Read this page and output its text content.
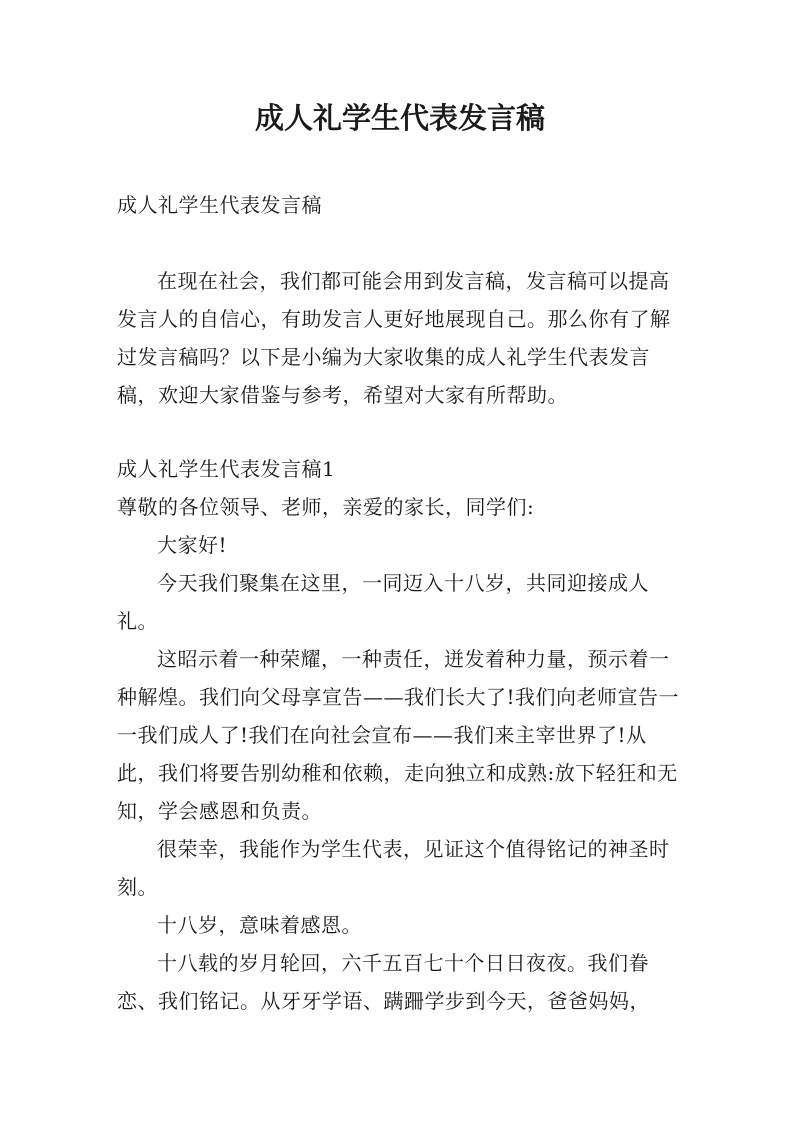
成人礼学生代表发言稿

成人礼学生代表发言稿

在现在社会，我们都可能会用到发言稿，发言稿可以提高发言人的自信心，有助发言人更好地展现自己。那么你有了解过发言稿吗？以下是小编为大家收集的成人礼学生代表发言稿，欢迎大家借鉴与参考，希望对大家有所帮助。

成人礼学生代表发言稿1

尊敬的各位领导、老师，亲爱的家长，同学们:

大家好!

今天我们聚集在这里，一同迈入十八岁，共同迎接成人礼。

这昭示着一种荣耀，一种责任，迸发着种力量，预示着一种解煌。我们向父母享宣告——我们长大了!我们向老师宣告一一我们成人了!我们在向社会宣布——我们来主宰世界了!从此，我们将要告别幼稚和依赖，走向独立和成熟:放下轻狂和无知，学会感恩和负责。

很荣幸，我能作为学生代表，见证这个值得铭记的神圣时刻。

十八岁，意味着感恩。

十八载的岁月轮回，六千五百七十个日日夜夜。我们眷恋、我们铭记。从牙牙学语、蹒跚学步到今天，爸爸妈妈，
